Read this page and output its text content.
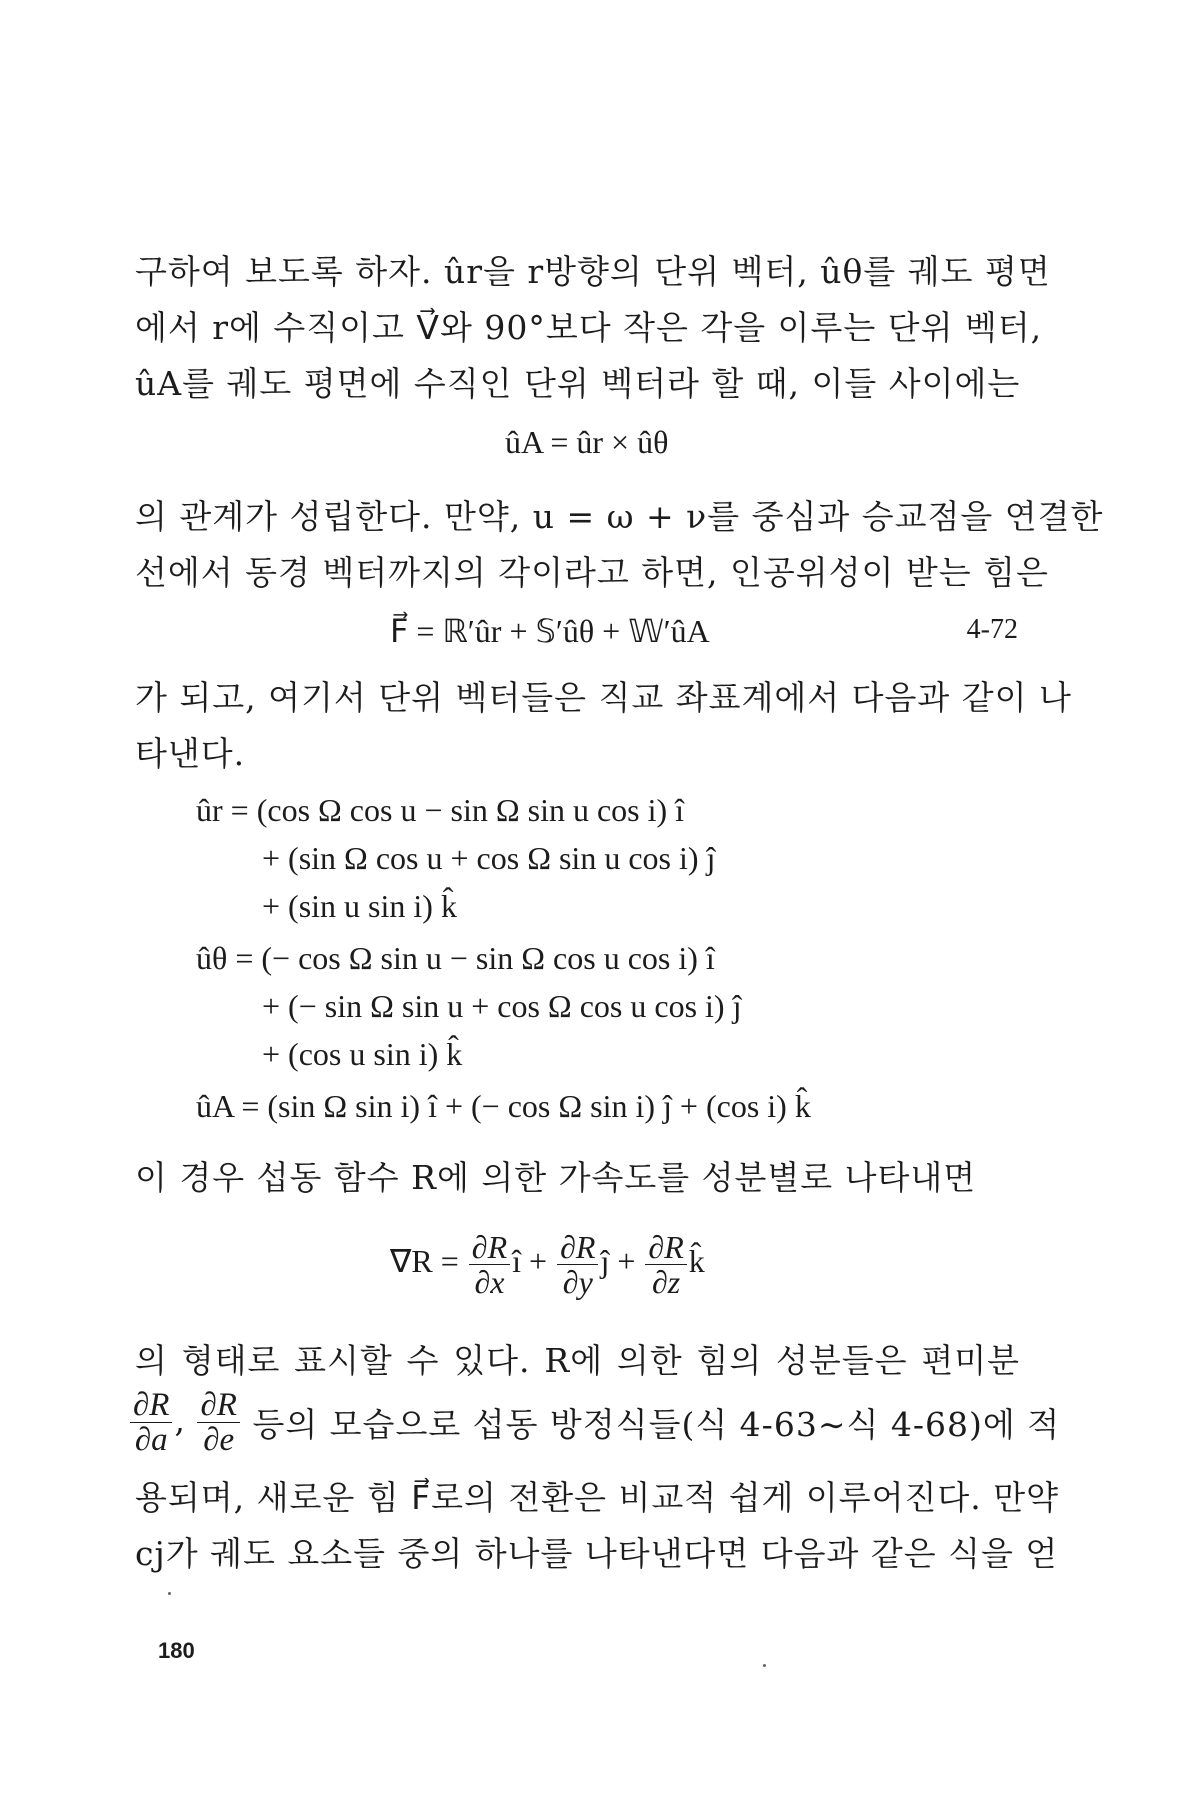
구하여 보도록 하자. ûr을 r방향의 단위 벡터, ûθ를 궤도 평면
에서 r에 수직이고 V⃗와 90°보다 작은 각을 이루는 단위 벡터,
ûA를 궤도 평면에 수직인 단위 벡터라 할 때, 이들 사이에는
ûA = ûr × ûθ
의 관계가 성립한다. 만약, u = ω + ν를 중심과 승교점을 연결한
선에서 동경 벡터까지의 각이라고 하면, 인공위성이 받는 힘은
F⃗ = ℝ′ûr + 𝕊′ûθ + 𝕎′ûA	4-72
가 되고, 여기서 단위 벡터들은 직교 좌표계에서 다음과 같이 나
타낸다.
ûr = (cos Ω cos u − sin Ω sin u cos i) î
+ (sin Ω cos u + cos Ω sin u cos i) ĵ
+ (sin u sin i) k̂
ûθ = (− cos Ω sin u − sin Ω cos u cos i) î
+ (− sin Ω sin u + cos Ω cos u cos i) ĵ
+ (cos u sin i) k̂
ûA = (sin Ω sin i) î + (− cos Ω sin i) ĵ + (cos i) k̂
이 경우 섭동 함수 R에 의한 가속도를 성분별로 나타내면
$\nabla R = \frac{\partial R}{\partial x}$ î + $\frac{\partial R}{\partial y}$ ĵ + $\frac{\partial R}{\partial z}$ k̂
의 형태로 표시할 수 있다. R에 의한 힘의 성분들은 편미분
$\frac{\partial R}{\partial a}$ , $\frac{\partial R}{\partial e}$ 등의 모습으로 섭동 방정식들(식 4-63∼식 4-68)에 적
용되며, 새로운 힘 F⃗로의 전환은 비교적 쉽게 이루어진다. 만약
cj가 궤도 요소들 중의 하나를 나타낸다면 다음과 같은 식을 얻
180
